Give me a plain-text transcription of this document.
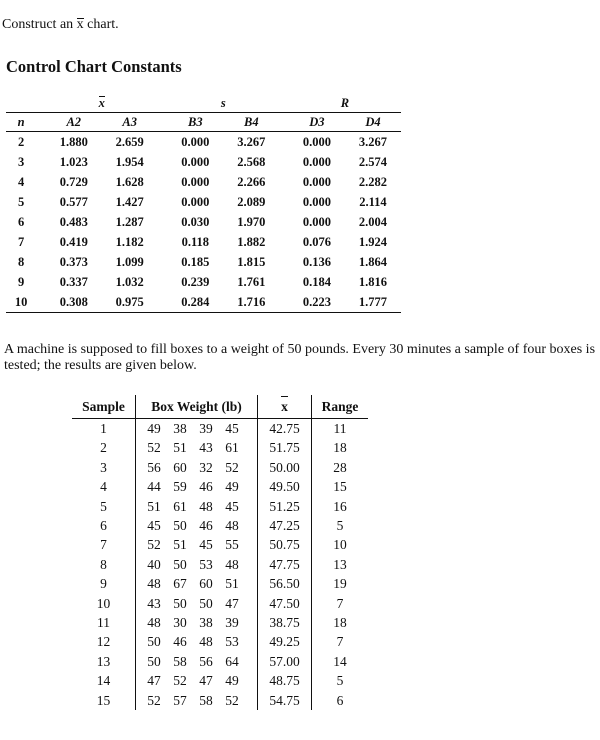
Construct an x chart.
Control Chart Constants
		x			s			R	
n		A2	A3		B3	B4		D3	D4
2		1.880	2.659		0.000	3.267		0.000	3.267
3		1.023	1.954		0.000	2.568		0.000	2.574
4		0.729	1.628		0.000	2.266		0.000	2.282
5		0.577	1.427		0.000	2.089		0.000	2.114
6		0.483	1.287		0.030	1.970		0.000	2.004
7		0.419	1.182		0.118	1.882		0.076	1.924
8		0.373	1.099		0.185	1.815		0.136	1.864
9		0.337	1.032		0.239	1.761		0.184	1.816
10		0.308	0.975		0.284	1.716		0.223	1.777
A machine is supposed to fill boxes to a weight of 50 pounds. Every 30 minutes a sample of four boxes is tested; the results are given below.
Sample	Box Weight (lb)	x	Range
1	49 38 39 45	42.75	11
2	52 51 43 61	51.75	18
3	56 60 32 52	50.00	28
4	44 59 46 49	49.50	15
5	51 61 48 45	51.25	16
6	45 50 46 48	47.25	5
7	52 51 45 55	50.75	10
8	40 50 53 48	47.75	13
9	48 67 60 51	56.50	19
10	43 50 50 47	47.50	7
11	48 30 38 39	38.75	18
12	50 46 48 53	49.25	7
13	50 58 56 64	57.00	14
14	47 52 47 49	48.75	5
15	52 57 58 52	54.75	6
